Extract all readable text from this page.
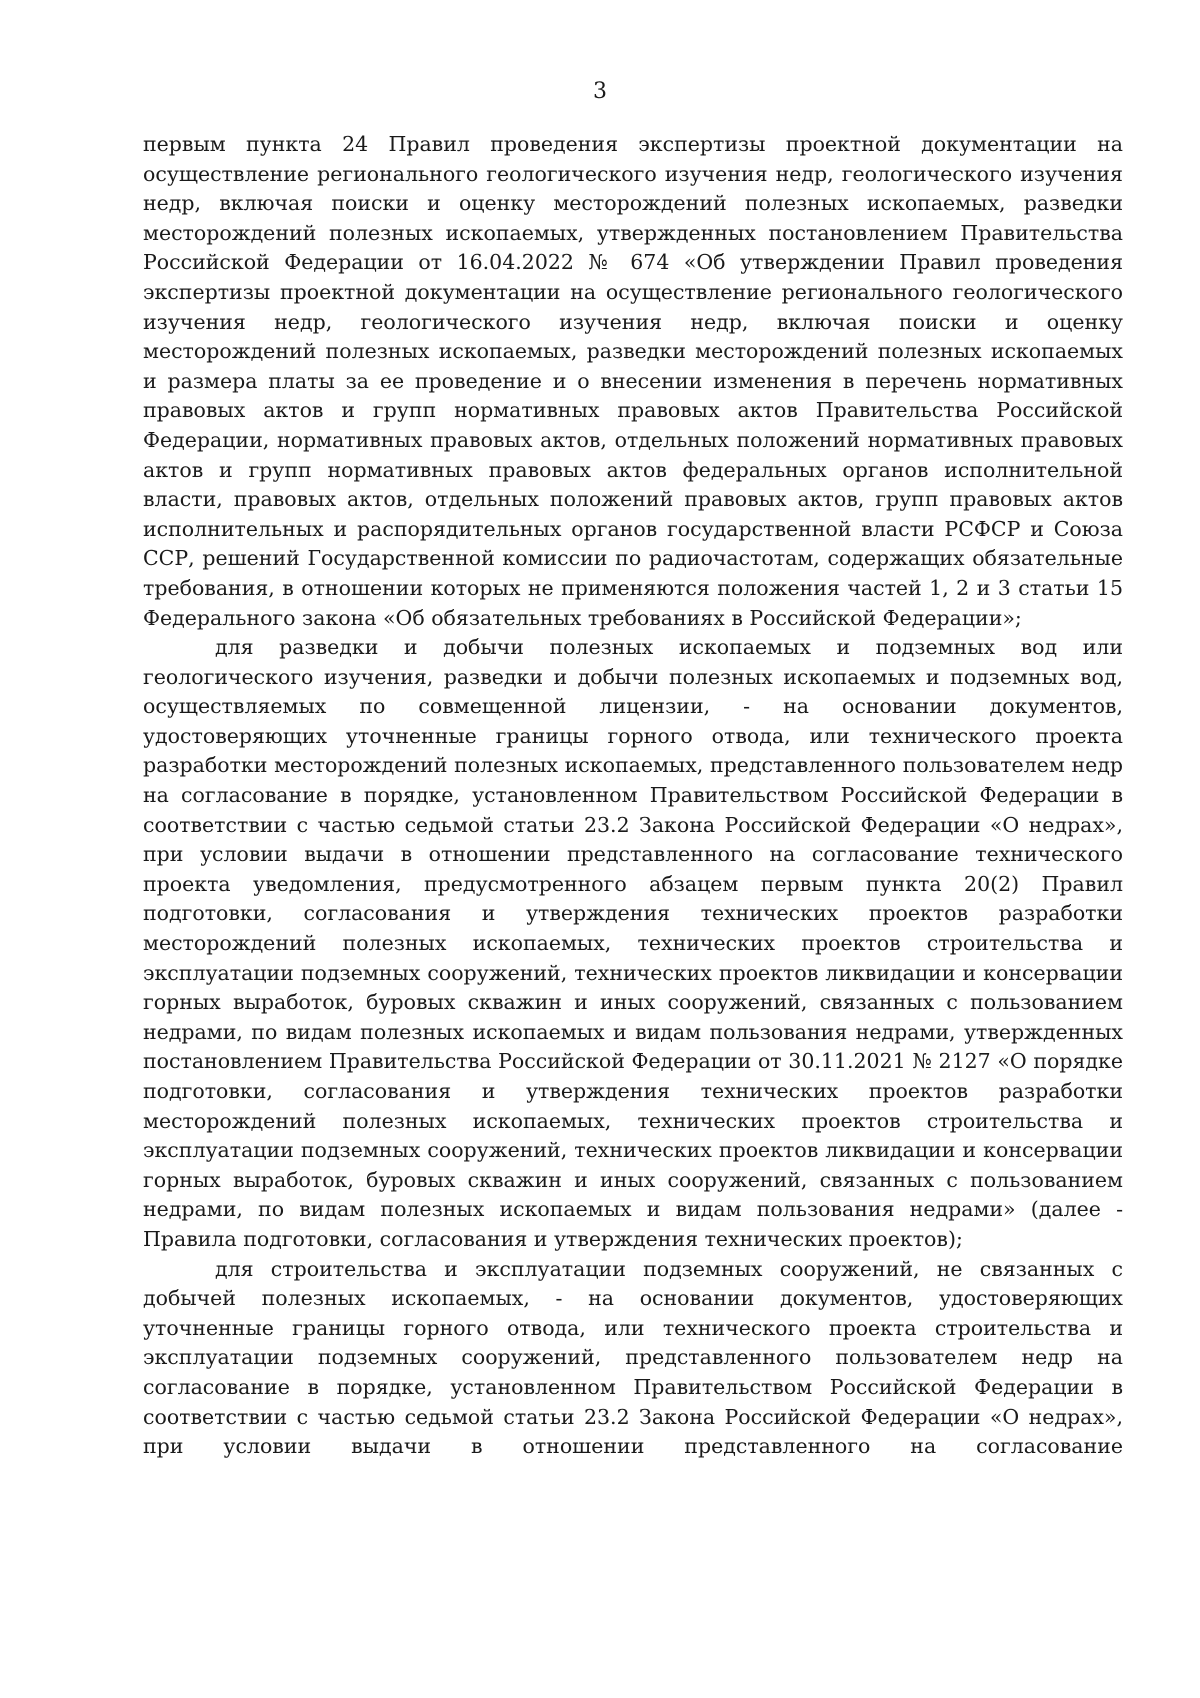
3

первым пункта 24 Правил проведения экспертизы проектной документации на осуществление регионального геологического изучения недр, геологического изучения недр, включая поиски и оценку месторождений полезных ископаемых, разведки месторождений полезных ископаемых, утвержденных постановлением Правительства Российской Федерации от 16.04.2022 № 674 «Об утверждении Правил проведения экспертизы проектной документации на осуществление регионального геологического изучения недр, геологического изучения недр, включая поиски и оценку месторождений полезных ископаемых, разведки месторождений полезных ископаемых и размера платы за ее проведение и о внесении изменения в перечень нормативных правовых актов и групп нормативных правовых актов Правительства Российской Федерации, нормативных правовых актов, отдельных положений нормативных правовых актов и групп нормативных правовых актов федеральных органов исполнительной власти, правовых актов, отдельных положений правовых актов, групп правовых актов исполнительных и распорядительных органов государственной власти РСФСР и Союза ССР, решений Государственной комиссии по радиочастотам, содержащих обязательные требования, в отношении которых не применяются положения частей 1, 2 и 3 статьи 15 Федерального закона «Об обязательных требованиях в Российской Федерации»;

для разведки и добычи полезных ископаемых и подземных вод или геологического изучения, разведки и добычи полезных ископаемых и подземных вод, осуществляемых по совмещенной лицензии, - на основании документов, удостоверяющих уточненные границы горного отвода, или технического проекта разработки месторождений полезных ископаемых, представленного пользователем недр на согласование в порядке, установленном Правительством Российской Федерации в соответствии с частью седьмой статьи 23.2 Закона Российской Федерации «О недрах», при условии выдачи в отношении представленного на согласование технического проекта уведомления, предусмотренного абзацем первым пункта 20(2) Правил подготовки, согласования и утверждения технических проектов разработки месторождений полезных ископаемых, технических проектов строительства и эксплуатации подземных сооружений, технических проектов ликвидации и консервации горных выработок, буровых скважин и иных сооружений, связанных с пользованием недрами, по видам полезных ископаемых и видам пользования недрами, утвержденных постановлением Правительства Российской Федерации от 30.11.2021 № 2127 «О порядке подготовки, согласования и утверждения технических проектов разработки месторождений полезных ископаемых, технических проектов строительства и эксплуатации подземных сооружений, технических проектов ликвидации и консервации горных выработок, буровых скважин и иных сооружений, связанных с пользованием недрами, по видам полезных ископаемых и видам пользования недрами» (далее - Правила подготовки, согласования и утверждения технических проектов);

для строительства и эксплуатации подземных сооружений, не связанных с добычей полезных ископаемых, - на основании документов, удостоверяющих уточненные границы горного отвода, или технического проекта строительства и эксплуатации подземных сооружений, представленного пользователем недр на согласование в порядке, установленном Правительством Российской Федерации в соответствии с частью седьмой статьи 23.2 Закона Российской Федерации «О недрах», при условии выдачи в отношении представленного на согласование
